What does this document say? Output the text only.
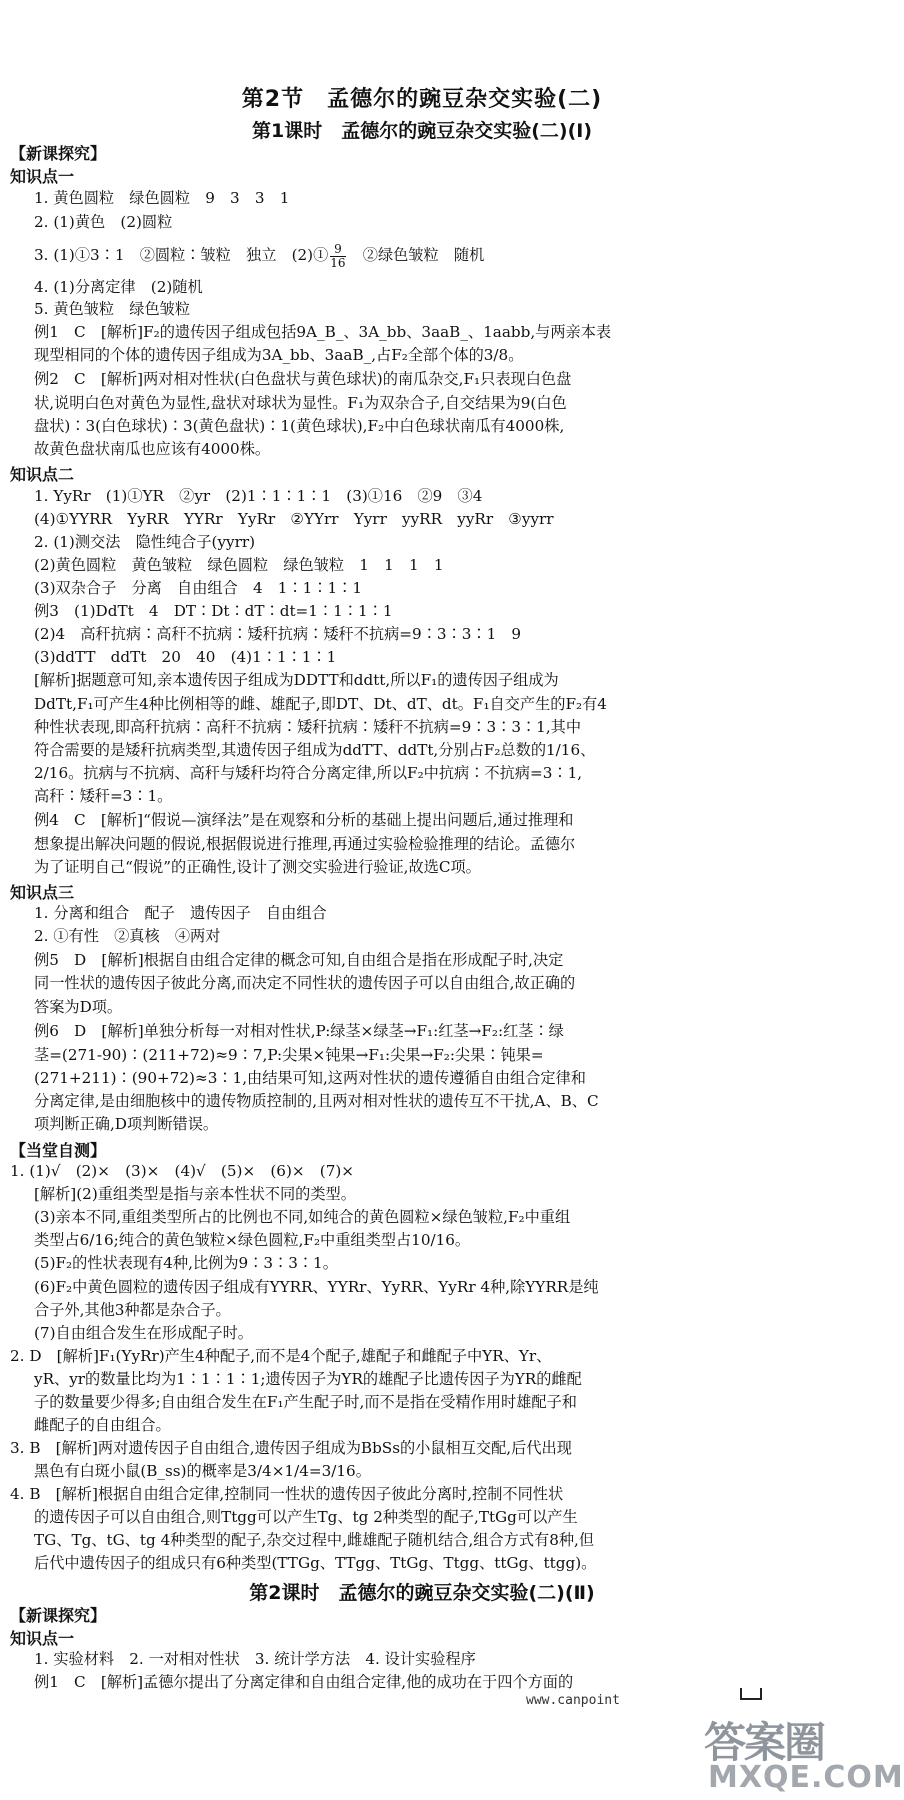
第2节　孟德尔的豌豆杂交实验(二)
第1课时　孟德尔的豌豆杂交实验(二)(Ⅰ)
【新课探究】
知识点一
1. 黄色圆粒　绿色圆粒　9　3　3　1
2. (1)黄色　(2)圆粒
3. (1)①3∶1　②圆粒∶皱粒　独立　(2)① $\frac{9}{16}$ 　②绿色皱粒　随机
4. (1)分离定律　(2)随机
5. 黄色皱粒　绿色皱粒
例1　C　[解析]F₂的遗传因子组成包括9A_B_、3A_bb、3aaB_、1aabb,与两亲本表
现型相同的个体的遗传因子组成为3A_bb、3aaB_,占F₂全部个体的3/8。
例2　C　[解析]两对相对性状(白色盘状与黄色球状)的南瓜杂交,F₁只表现白色盘
状,说明白色对黄色为显性,盘状对球状为显性。F₁为双杂合子,自交结果为9(白色
盘状)∶3(白色球状)∶3(黄色盘状)∶1(黄色球状),F₂中白色球状南瓜有4000株,
故黄色盘状南瓜也应该有4000株。
知识点二
1. YyRr　(1)①YR　②yr　(2)1∶1∶1∶1　(3)①16　②9　③4
(4)①YYRR　YyRR　YYRr　YyRr　②YYrr　Yyrr　yyRR　yyRr　③yyrr
2. (1)测交法　隐性纯合子(yyrr)
(2)黄色圆粒　黄色皱粒　绿色圆粒　绿色皱粒　1　1　1　1
(3)双杂合子　分离　自由组合　4　1∶1∶1∶1
例3　(1)DdTt　4　DT∶Dt∶dT∶dt=1∶1∶1∶1
(2)4　高秆抗病∶高秆不抗病∶矮秆抗病∶矮秆不抗病=9∶3∶3∶1　9
(3)ddTT　ddTt　20　40　(4)1∶1∶1∶1
[解析]据题意可知,亲本遗传因子组成为DDTT和ddtt,所以F₁的遗传因子组成为
DdTt,F₁可产生4种比例相等的雌、雄配子,即DT、Dt、dT、dt。F₁自交产生的F₂有4
种性状表现,即高秆抗病∶高秆不抗病∶矮秆抗病∶矮秆不抗病=9∶3∶3∶1,其中
符合需要的是矮秆抗病类型,其遗传因子组成为ddTT、ddTt,分别占F₂总数的1/16、
2/16。抗病与不抗病、高秆与矮秆均符合分离定律,所以F₂中抗病∶不抗病=3∶1,
高秆∶矮秆=3∶1。
例4　C　[解析]“假说—演绎法”是在观察和分析的基础上提出问题后,通过推理和
想象提出解决问题的假说,根据假说进行推理,再通过实验检验推理的结论。孟德尔
为了证明自己“假说”的正确性,设计了测交实验进行验证,故选C项。
知识点三
1. 分离和组合　配子　遗传因子　自由组合
2. ①有性　②真核　④两对
例5　D　[解析]根据自由组合定律的概念可知,自由组合是指在形成配子时,决定
同一性状的遗传因子彼此分离,而决定不同性状的遗传因子可以自由组合,故正确的
答案为D项。
例6　D　[解析]单独分析每一对相对性状,P:绿茎×绿茎→F₁:红茎→F₂:红茎∶绿
茎=(271-90)∶(211+72)≈9∶7,P:尖果×钝果→F₁:尖果→F₂:尖果∶钝果=
(271+211)∶(90+72)≈3∶1,由结果可知,这两对性状的遗传遵循自由组合定律和
分离定律,是由细胞核中的遗传物质控制的,且两对相对性状的遗传互不干扰,A、B、C
项判断正确,D项判断错误。
【当堂自测】
1. (1)√　(2)×　(3)×　(4)√　(5)×　(6)×　(7)×
[解析](2)重组类型是指与亲本性状不同的类型。
(3)亲本不同,重组类型所占的比例也不同,如纯合的黄色圆粒×绿色皱粒,F₂中重组
类型占6/16;纯合的黄色皱粒×绿色圆粒,F₂中重组类型占10/16。
(5)F₂的性状表现有4种,比例为9∶3∶3∶1。
(6)F₂中黄色圆粒的遗传因子组成有YYRR、YYRr、YyRR、YyRr 4种,除YYRR是纯
合子外,其他3种都是杂合子。
(7)自由组合发生在形成配子时。
2. D　[解析]F₁(YyRr)产生4种配子,而不是4个配子,雄配子和雌配子中YR、Yr、
yR、yr的数量比均为1∶1∶1∶1;遗传因子为YR的雄配子比遗传因子为YR的雌配
子的数量要少得多;自由组合发生在F₁产生配子时,而不是指在受精作用时雄配子和
雌配子的自由组合。
3. B　[解析]两对遗传因子自由组合,遗传因子组成为BbSs的小鼠相互交配,后代出现
黑色有白斑小鼠(B_ss)的概率是3/4×1/4=3/16。
4. B　[解析]根据自由组合定律,控制同一性状的遗传因子彼此分离时,控制不同性状
的遗传因子可以自由组合,则Ttgg可以产生Tg、tg 2种类型的配子,TtGg可以产生
TG、Tg、tG、tg 4种类型的配子,杂交过程中,雌雄配子随机结合,组合方式有8种,但
后代中遗传因子的组成只有6种类型(TTGg、TTgg、TtGg、Ttgg、ttGg、ttgg)。
第2课时　孟德尔的豌豆杂交实验(二)(Ⅱ)
【新课探究】
知识点一
1. 实验材料　2. 一对相对性状　3. 统计学方法　4. 设计实验程序
例1　C　[解析]孟德尔提出了分离定律和自由组合定律,他的成功在于四个方面的
www.canpoint
答案圈
MXQE.COM
